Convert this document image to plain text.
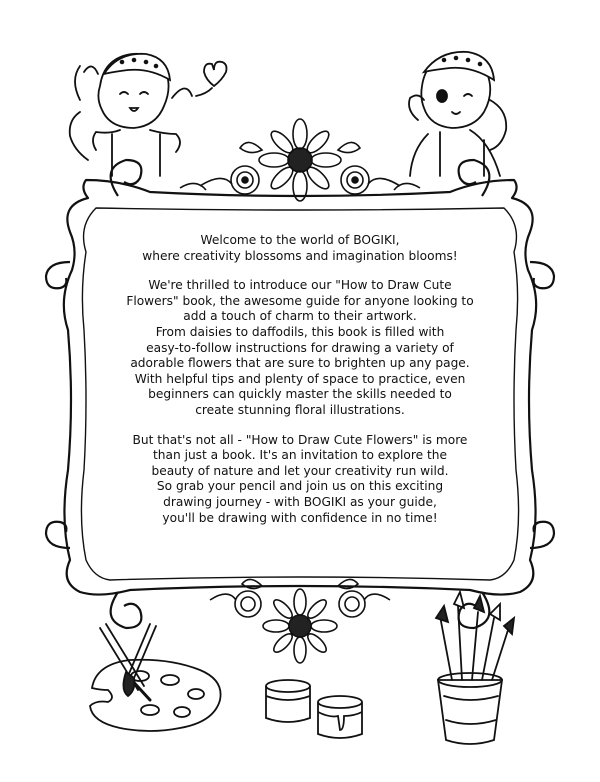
Welcome to the world of BOGIKI,
where creativity blossoms and imagination blooms!

We're thrilled to introduce our "How to Draw Cute
Flowers" book, the awesome guide for anyone looking to
add a touch of charm to their artwork.
From daisies to daffodils, this book is filled with
easy-to-follow instructions for drawing a variety of
adorable flowers that are sure to brighten up any page.
With helpful tips and plenty of space to practice, even
beginners can quickly master the skills needed to
create stunning floral illustrations.

But that's not all - "How to Draw Cute Flowers" is more
than just a book. It's an invitation to explore the
beauty of nature and let your creativity run wild.
So grab your pencil and join us on this exciting
drawing journey - with BOGIKI as your guide,
you'll be drawing with confidence in no time!
